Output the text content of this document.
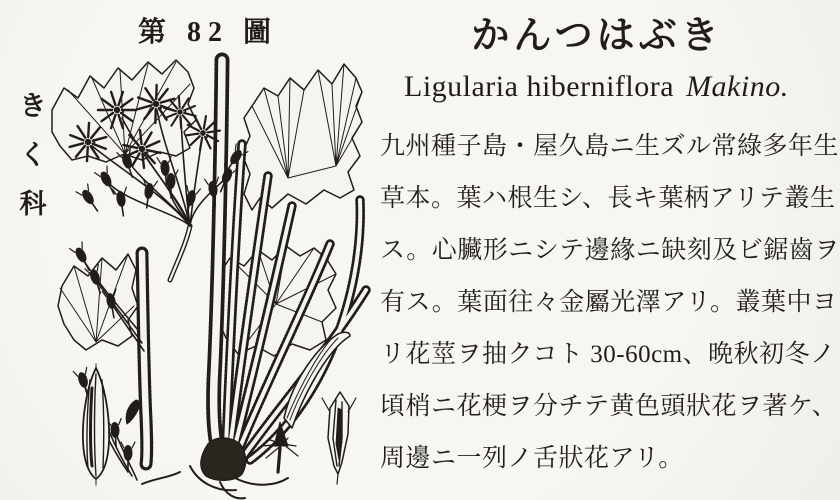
第 82 圖
き
く
科
かんつはぶき

Ligularia hiberniflora Makino.

九州種子島・屋久島ニ生ズル常綠多年生
草本。葉ハ根生シ、長キ葉柄アリテ叢生
ス。心臟形ニシテ邊緣ニ缺刻及ビ鋸齒ヲ
有ス。葉面往々金屬光澤アリ。叢葉中ヨ
リ花莖ヲ抽クコト 30-60cm、晩秋初冬ノ
頃梢ニ花梗ヲ分チテ黄色頭狀花ヲ著ケ、
周邊ニ一列ノ舌狀花アリ。
